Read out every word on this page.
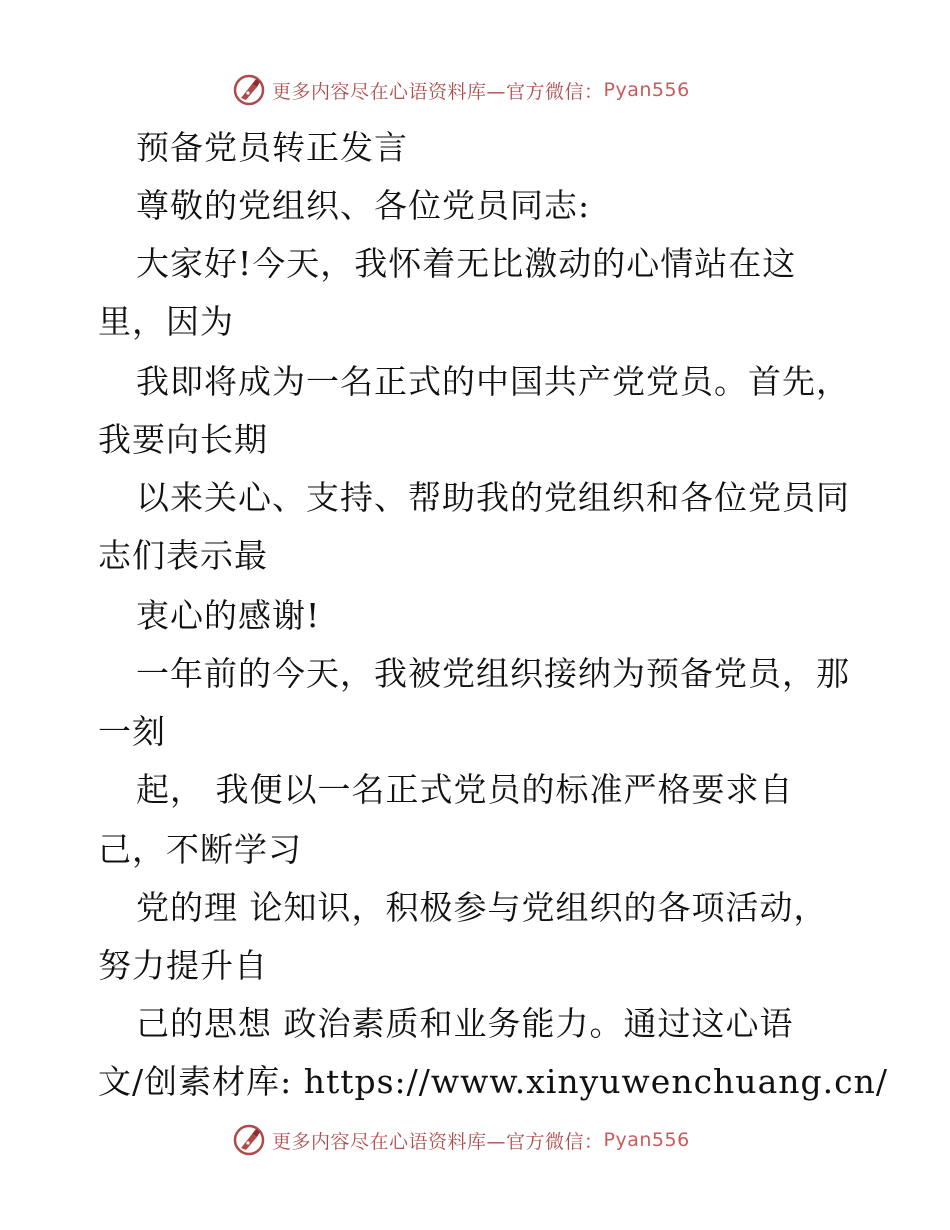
更多内容尽在心语资料库—官方微信： Pyan556
预备党员转正发言
尊敬的党组织、各位党员同志:
大家好!今天，我怀着无比激动的心情站在这
里，因为
我即将成为一名正式的中国共产党党员。首先，
我要向长期
以来关心、支持、帮助我的党组织和各位党员同
志们表示最
衷心的感谢!
一年前的今天，我被党组织接纳为预备党员，那
一刻
起， 我便以一名正式党员的标准严格要求自
己，不断学习
党的理 论知识，积极参与党组织的各项活动，
努力提升自
己的思想 政治素质和业务能力。通过这心语
文/创素材库: https://www.xinyuwenchuang.cn/
更多内容尽在心语资料库—官方微信： Pyan556
